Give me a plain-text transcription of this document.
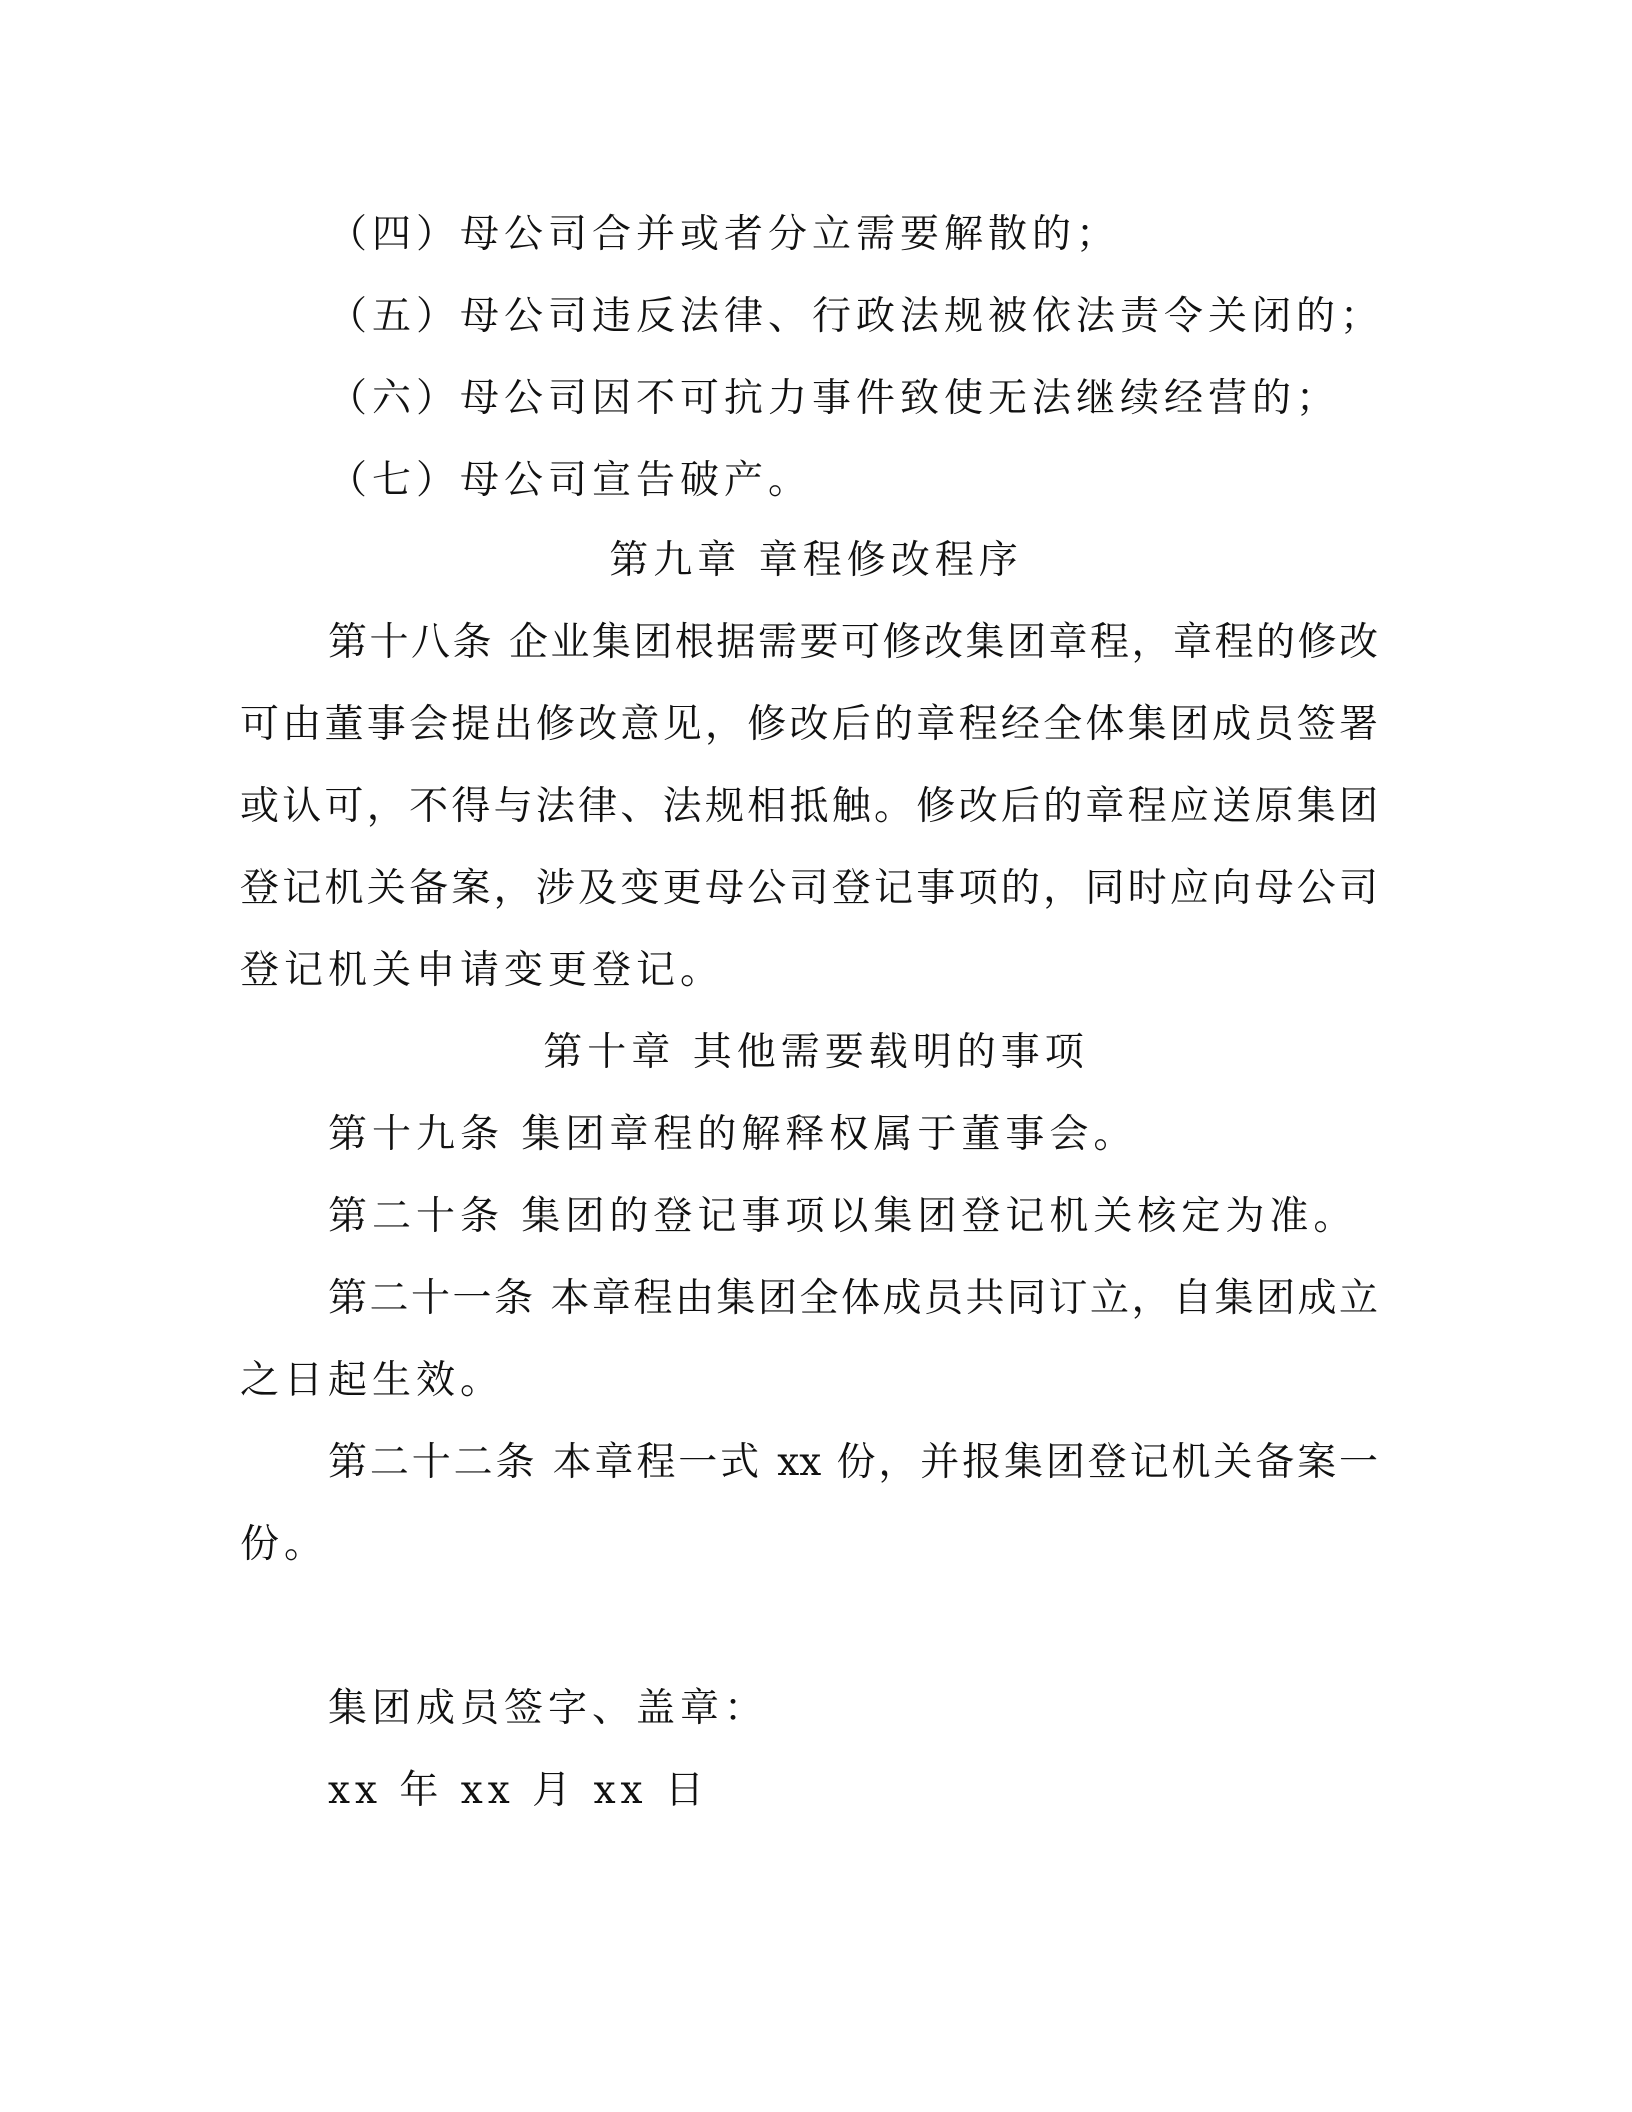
（四）母公司合并或者分立需要解散的；
（五）母公司违反法律、行政法规被依法责令关闭的；
（六）母公司因不可抗力事件致使无法继续经营的；
（七）母公司宣告破产。
第九章 章程修改程序
第十八条 企业集团根据需要可修改集团章程，章程的修改
可由董事会提出修改意见，修改后的章程经全体集团成员签署
或认可，不得与法律、法规相抵触。修改后的章程应送原集团
登记机关备案，涉及变更母公司登记事项的，同时应向母公司
登记机关申请变更登记。
第十章 其他需要载明的事项
第十九条 集团章程的解释权属于董事会。
第二十条 集团的登记事项以集团登记机关核定为准。
第二十一条 本章程由集团全体成员共同订立，自集团成立
之日起生效。
第二十二条 本章程一式 xx 份，并报集团登记机关备案一
份。
集团成员签字、盖章：
xx 年 xx 月 xx 日
